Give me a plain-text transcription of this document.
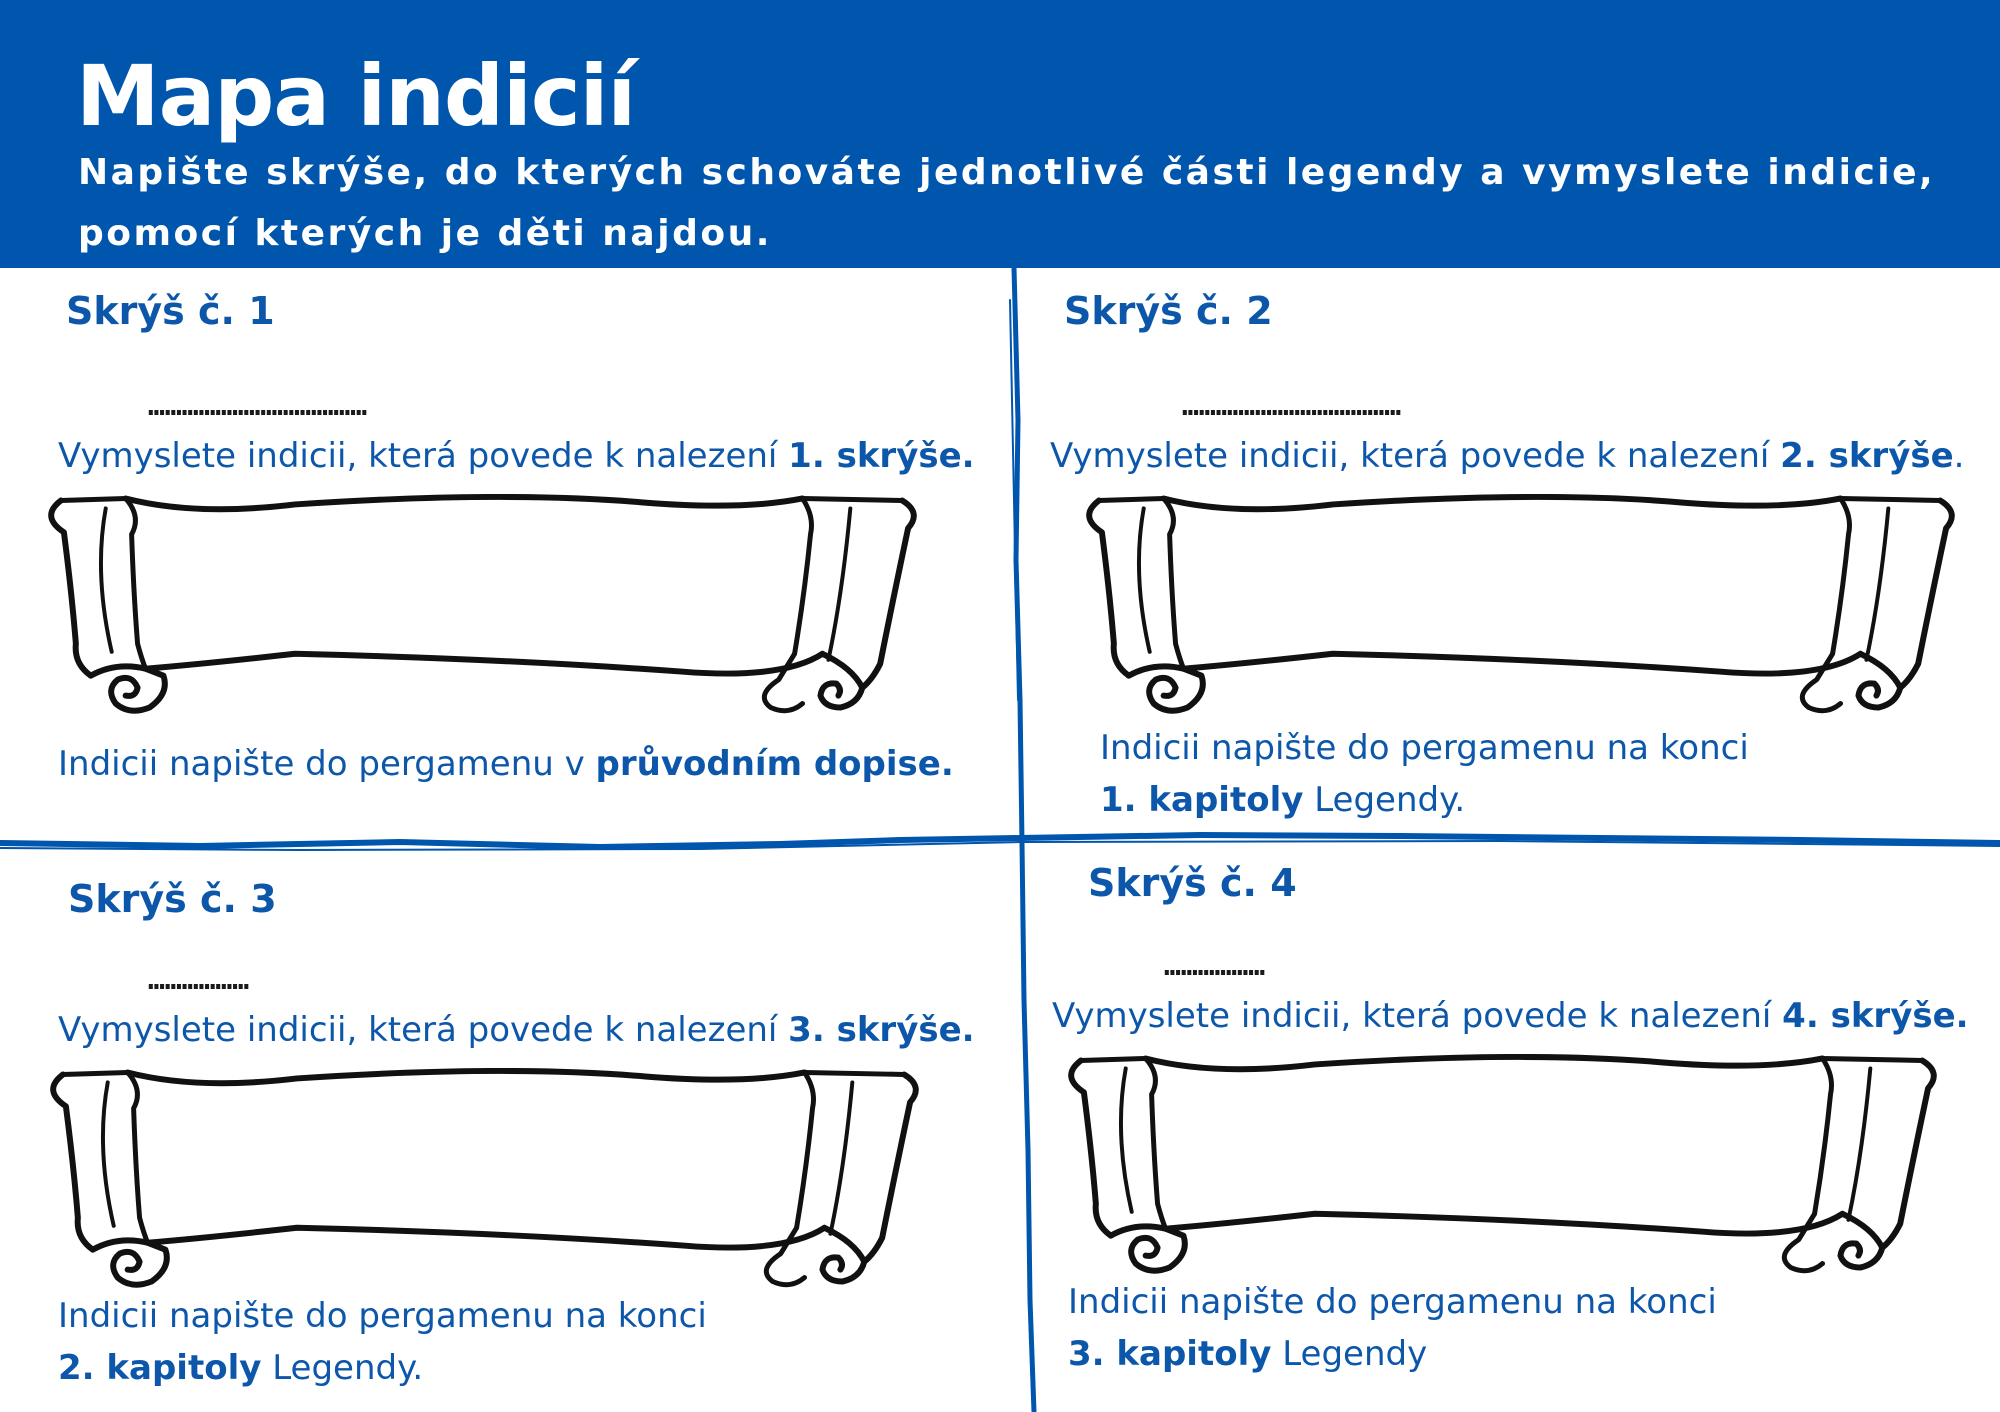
Mapa indicií

Napište skrýše, do kterých schováte jednotlivé části legendy a vymyslete indicie, pomocí kterých je děti najdou.

Skrýš č. 1
…………………………………

Vymyslete indicii, která povede k nalezení 1. skrýše.

Indicii napište do pergamenu v průvodním dopise.

Skrýš č. 2
…………………………………

Vymyslete indicii, která povede k nalezení 2. skrýše.

Indicii napište do pergamenu na konci

1. kapitoly Legendy.

Skrýš č. 3
………………

Vymyslete indicii, která povede k nalezení 3. skrýše.

Indicii napište do pergamenu na konci

2. kapitoly Legendy.

Skrýš č. 4
………………

Vymyslete indicii, která povede k nalezení 4. skrýše.

Indicii napište do pergamenu na konci

3. kapitoly Legendy
